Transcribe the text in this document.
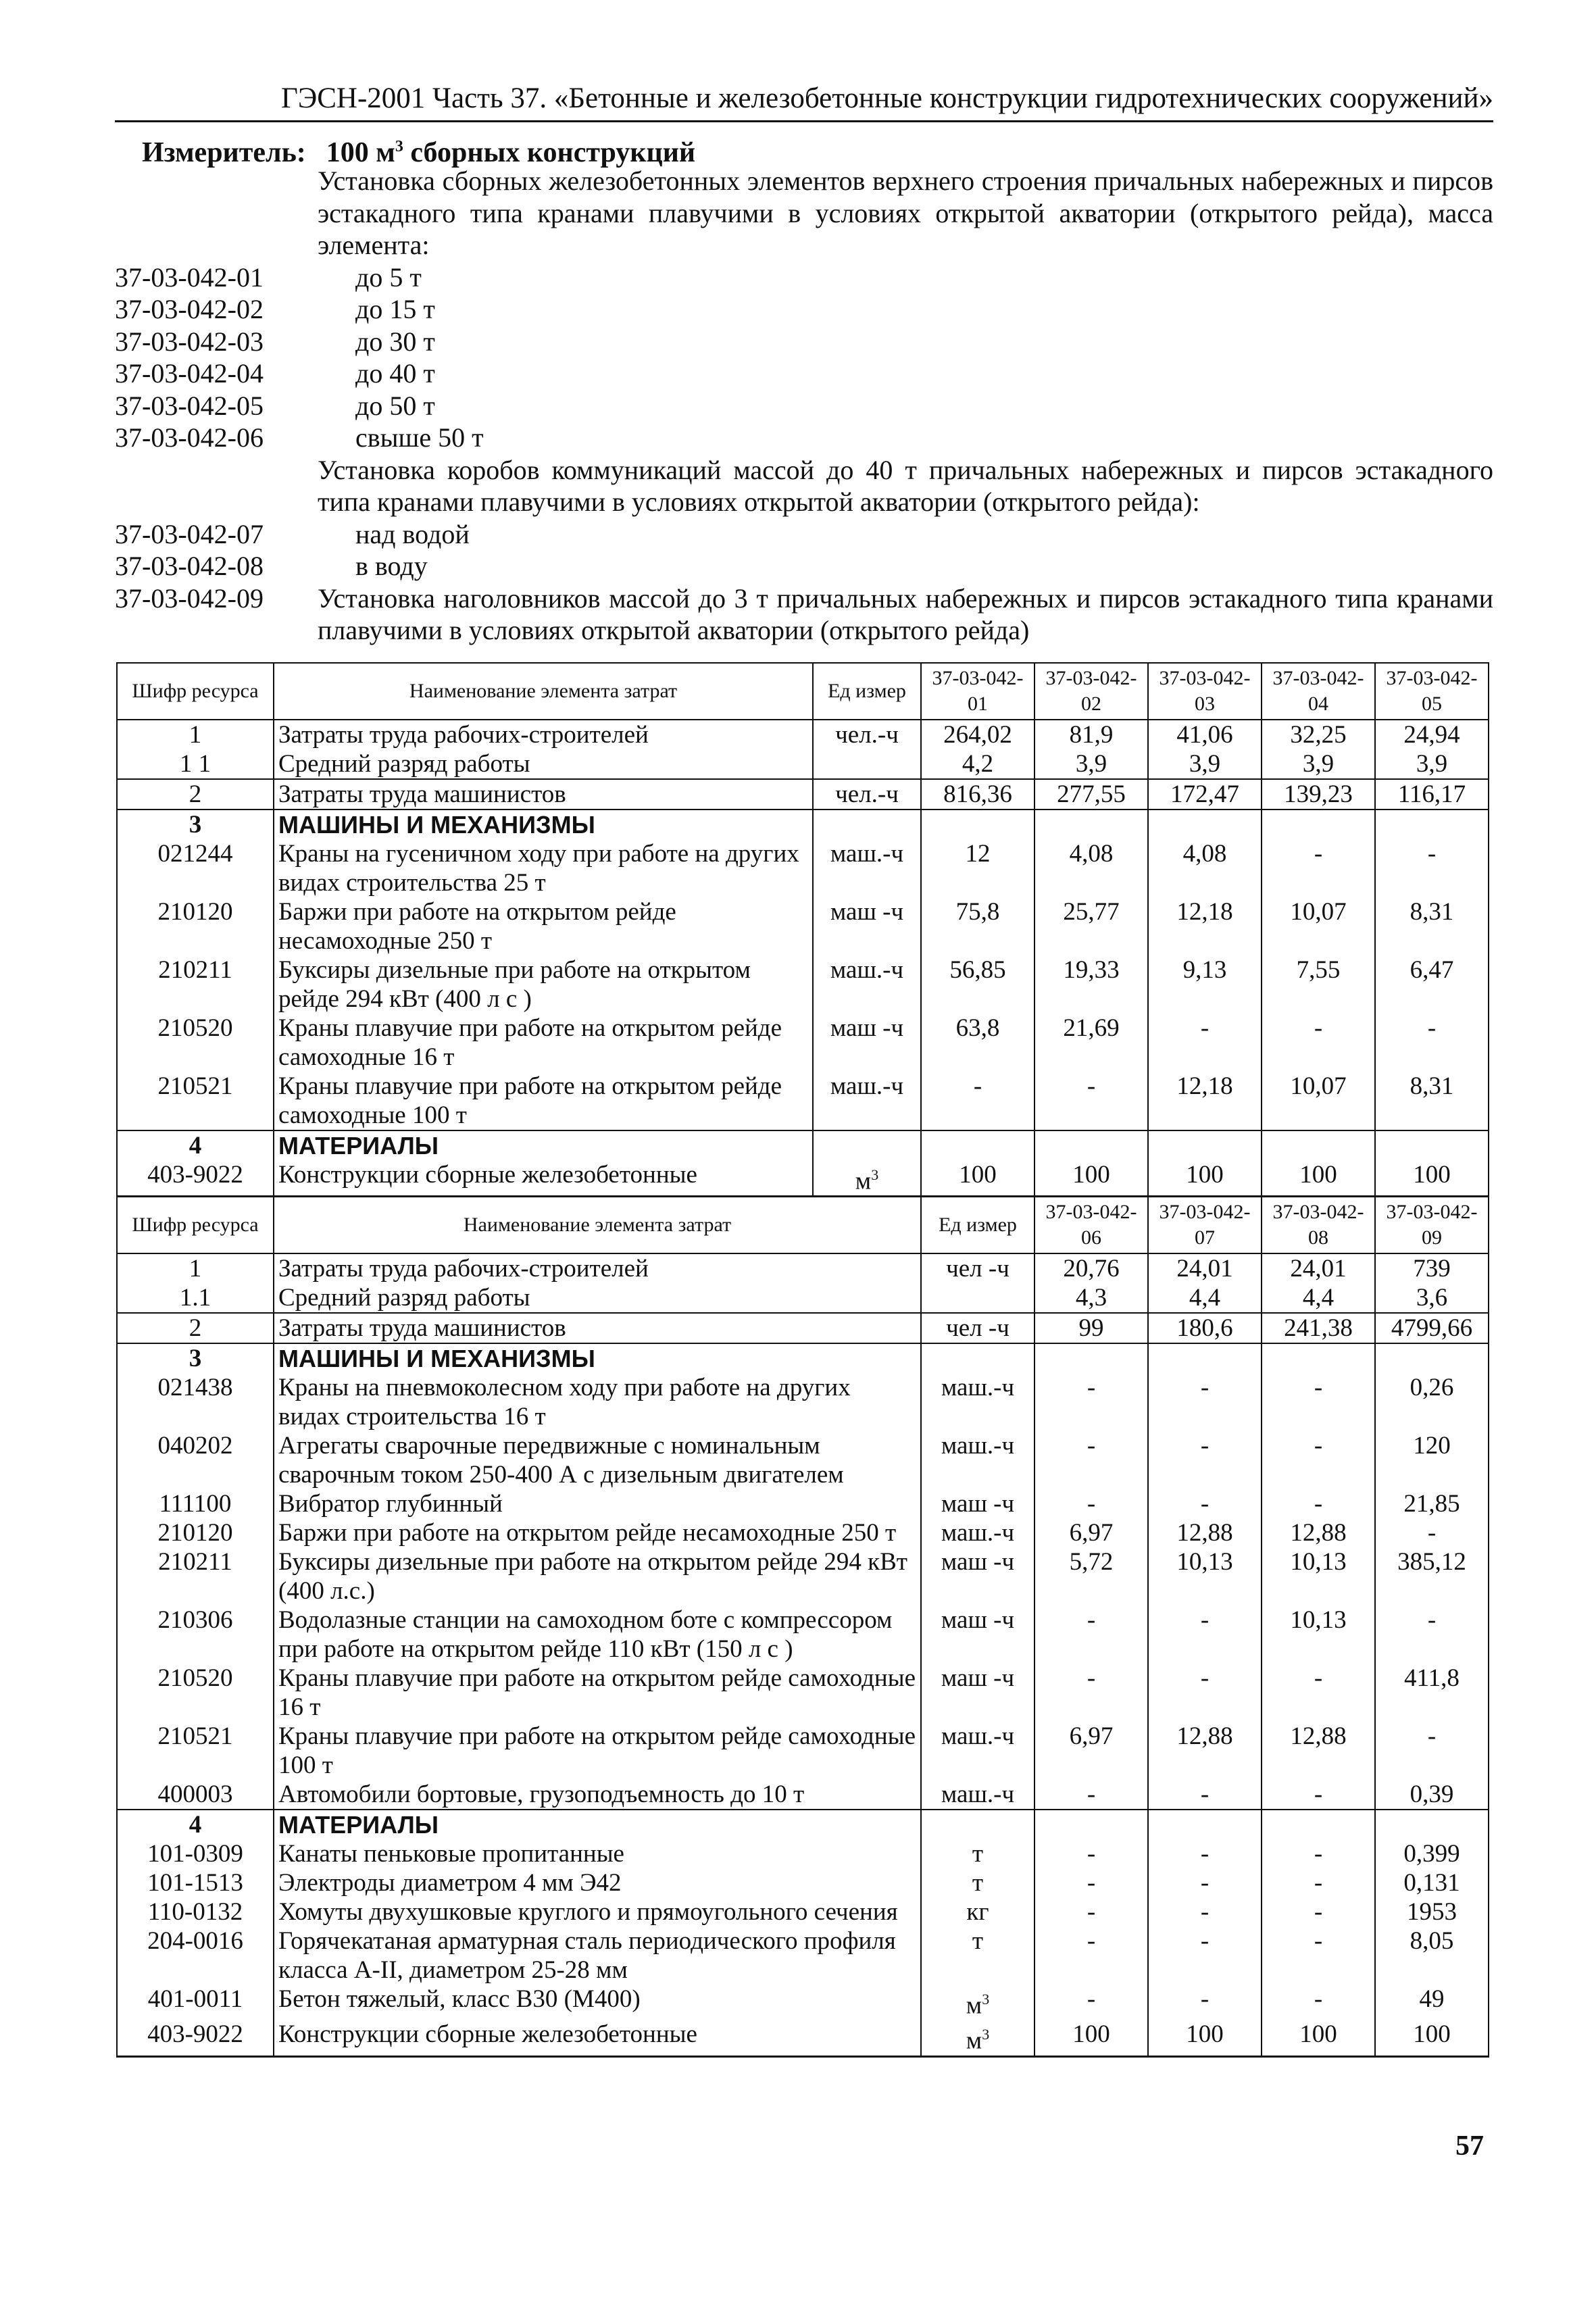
ГЭСН-2001 Часть 37. «Бетонные и железобетонные конструкции гидротехнических сооружений»
Измеритель: 100 $м^3$ сборных конструкций
Установка сборных железобетонных элементов верхнего строения причальных набережных и пирсов эстакадного типа кранами плавучими в условиях открытой акватории (открытого рейда), масса элемента:
37-03-042-01	до 5 т
37-03-042-02	до 15 т
37-03-042-03	до 30 т
37-03-042-04	до 40 т
37-03-042-05	до 50 т
37-03-042-06	свыше 50 т
Установка коробов коммуникаций массой до 40 т причальных набережных и пирсов эстакадного типа кранами плавучими в условиях открытой акватории (открытого рейда):
37-03-042-07	над водой
37-03-042-08	в воду
37-03-042-09	Установка наголовников массой до 3 т причальных набережных и пирсов эстакадного типа кранами плавучими в условиях открытой акватории (открытого рейда)
Шифр ресурса	Наименование элемента затрат	Ед измер	37-03-042-01	37-03-042-02	37-03-042-03	37-03-042-04	37-03-042-05
1	Затраты труда рабочих-строителей	чел.-ч	264,02	81,9	41,06	32,25	24,94
1 1	Средний разряд работы		4,2	3,9	3,9	3,9	3,9
2	Затраты труда машинистов	чел.-ч	816,36	277,55	172,47	139,23	116,17
3	МАШИНЫ И МЕХАНИЗМЫ						
021244	Краны на гусеничном ходу при работе на других видах строительства 25 т	маш.-ч	12	4,08	4,08	-	-
210120	Баржи при работе на открытом рейде несамоходные 250 т	маш -ч	75,8	25,77	12,18	10,07	8,31
210211	Буксиры дизельные при работе на открытом рейде 294 кВт (400 л с )	маш.-ч	56,85	19,33	9,13	7,55	6,47
210520	Краны плавучие при работе на открытом рейде самоходные 16 т	маш -ч	63,8	21,69	-	-	-
210521	Краны плавучие при работе на открытом рейде самоходные 100 т	маш.-ч	-	-	12,18	10,07	8,31
4	МАТЕРИАЛЫ						
403-9022	Конструкции сборные железобетонные	$м^3$	100	100	100	100	100
Шифр ресурса	Наименование элемента затрат	Ед измер	37-03-042-06	37-03-042-07	37-03-042-08	37-03-042-09
1	Затраты труда рабочих-строителей	чел -ч	20,76	24,01	24,01	739
1.1	Средний разряд работы		4,3	4,4	4,4	3,6
2	Затраты труда машинистов	чел -ч	99	180,6	241,38	4799,66
3	МАШИНЫ И МЕХАНИЗМЫ					
021438	Краны на пневмоколесном ходу при работе на других видах строительства 16 т	маш.-ч	-	-	-	0,26
040202	Агрегаты сварочные передвижные с номинальным сварочным током 250-400 А с дизельным двигателем	маш.-ч	-	-	-	120
111100	Вибратор глубинный	маш -ч	-	-	-	21,85
210120	Баржи при работе на открытом рейде несамоходные 250 т	маш.-ч	6,97	12,88	12,88	-
210211	Буксиры дизельные при работе на открытом рейде 294 кВт (400 л.с.)	маш -ч	5,72	10,13	10,13	385,12
210306	Водолазные станции на самоходном боте с компрессором при работе на открытом рейде 110 кВт (150 л с )	маш -ч	-	-	10,13	-
210520	Краны плавучие при работе на открытом рейде самоходные 16 т	маш -ч	-	-	-	411,8
210521	Краны плавучие при работе на открытом рейде самоходные 100 т	маш.-ч	6,97	12,88	12,88	-
400003	Автомобили бортовые, грузоподъемность до 10 т	маш.-ч	-	-	-	0,39
4	МАТЕРИАЛЫ					
101-0309	Канаты пеньковые пропитанные	т	-	-	-	0,399
101-1513	Электроды диаметром 4 мм Э42	т	-	-	-	0,131
110-0132	Хомуты двухушковые круглого и прямоугольного сечения	кг	-	-	-	1953
204-0016	Горячекатаная арматурная сталь периодического профиля класса А-II, диаметром 25-28 мм	т	-	-	-	8,05
401-0011	Бетон тяжелый, класс В30 (М400)	$м^3$	-	-	-	49
403-9022	Конструкции сборные железобетонные	$м^3$	100	100	100	100
57
